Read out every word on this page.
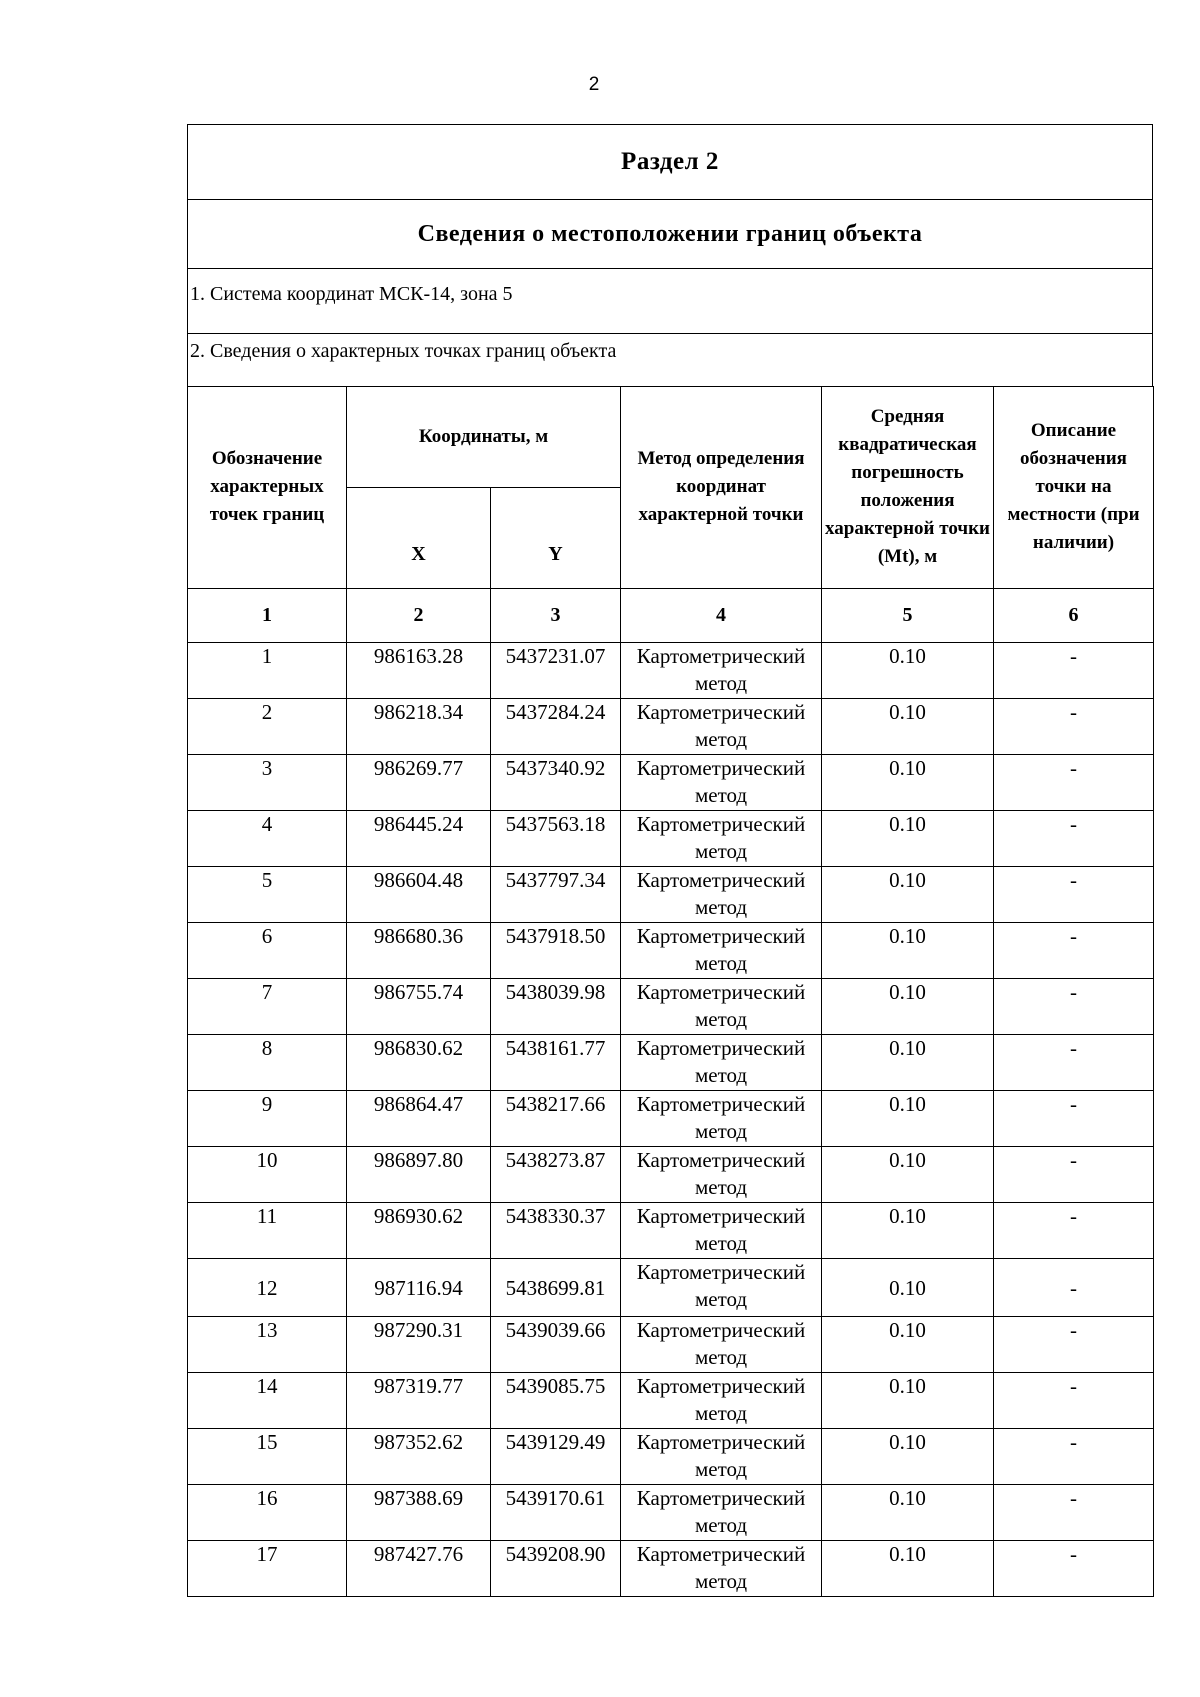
2
Раздел 2
Сведения о местоположении границ объекта

1. Система координат МСК-14, зона 5

2. Сведения о характерных точках границ объекта
Обозначение характерных точек границ	Координаты, м		Метод определения координат характерной точки	Средняя квадратическая погрешность положения характерной точки (Mt), м	Описание обозначения точки на местности (при наличии)
	X	Y			
1	2	3	4	5	6
1	986163.28	5437231.07	Картометрический метод	0.10	-
2	986218.34	5437284.24	Картометрический метод	0.10	-
3	986269.77	5437340.92	Картометрический метод	0.10	-
4	986445.24	5437563.18	Картометрический метод	0.10	-
5	986604.48	5437797.34	Картометрический метод	0.10	-
6	986680.36	5437918.50	Картометрический метод	0.10	-
7	986755.74	5438039.98	Картометрический метод	0.10	-
8	986830.62	5438161.77	Картометрический метод	0.10	-
9	986864.47	5438217.66	Картометрический метод	0.10	-
10	986897.80	5438273.87	Картометрический метод	0.10	-
11	986930.62	5438330.37	Картометрический метод	0.10	-
12	987116.94	5438699.81	Картометрический метод	0.10	-
13	987290.31	5439039.66	Картометрический метод	0.10	-
14	987319.77	5439085.75	Картометрический метод	0.10	-
15	987352.62	5439129.49	Картометрический метод	0.10	-
16	987388.69	5439170.61	Картометрический метод	0.10	-
17	987427.76	5439208.90	Картометрический метод	0.10	-
